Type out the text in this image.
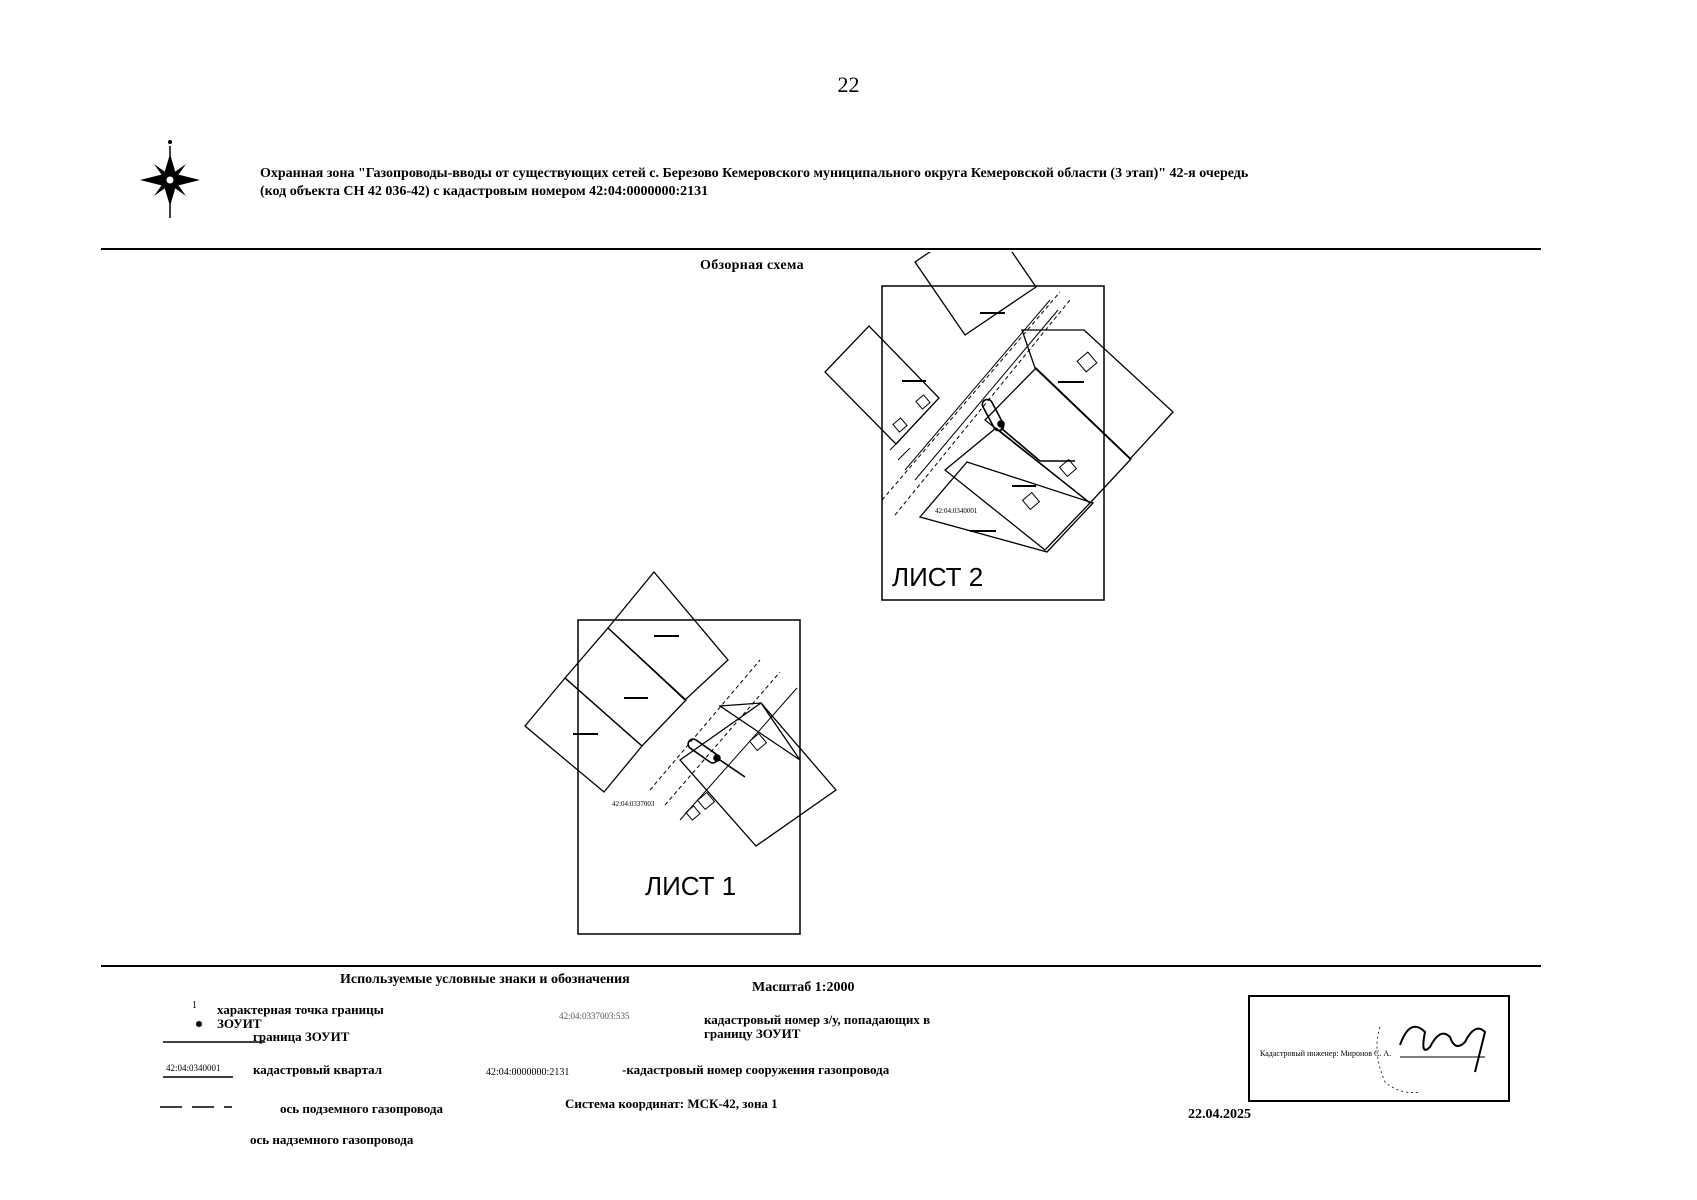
22
Охранная зона "Газопроводы-вводы от существующих сетей с. Березово Кемеровского муниципального округа Кемеровской области (3 этап)" 42-я очередь
(код объекта СН 42 036-42) с кадастровым номером 42:04:0000000:2131
Обзорная схема
42:04:0340001
42:04:0337003
ЛИСТ 2
ЛИСТ 1
Используемые условные знаки и обозначения
1 характерная точка границы ЗОУИТ
граница ЗОУИТ
42:04:0340001 кадастровый квартал
ось подземного газопровода
ось надземного газопровода
42:04:0337003:535	кадастровый номер з/у, попадающих в границу ЗОУИТ
42:04:0000000:2131	-кадастровый номер сооружения газопровода
Масштаб 1:2000
Система координат: МСК-42, зона 1
Кадастровый инженер: Миронов С. А.
22.04.2025
